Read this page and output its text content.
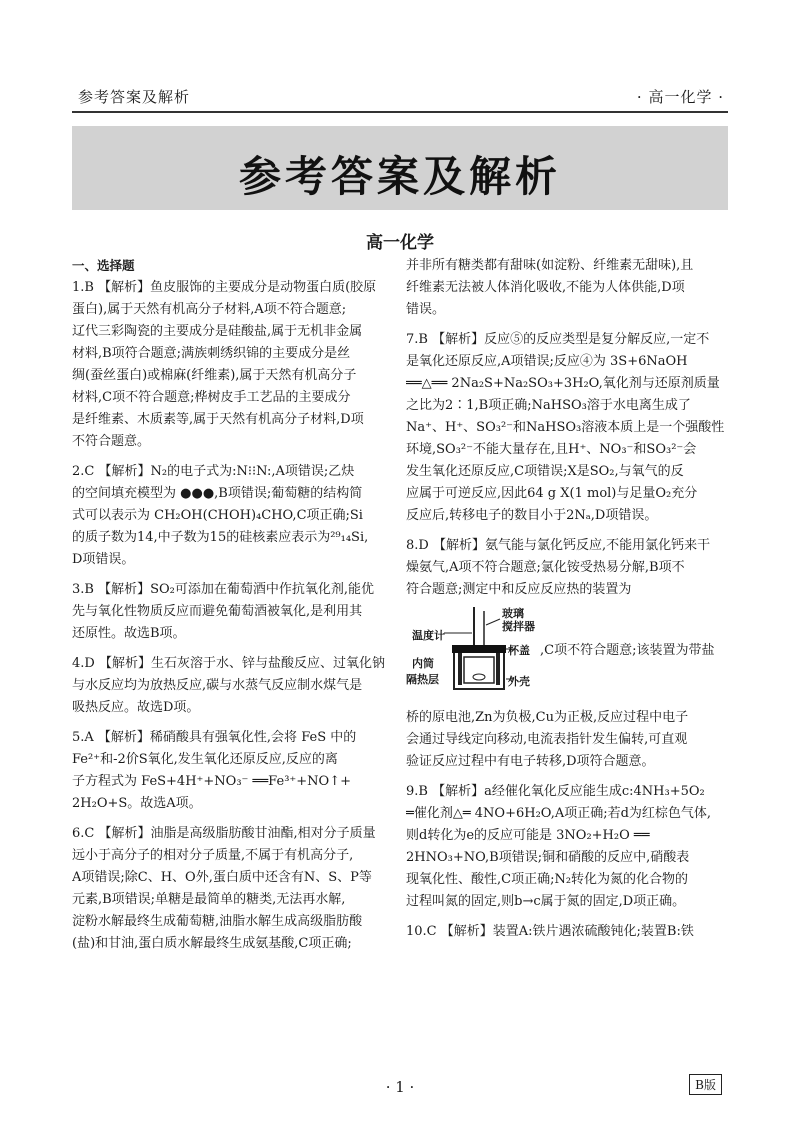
参考答案及解析	· 高一化学 ·
参考答案及解析
高一化学
一、选择题
1.B 【解析】鱼皮服饰的主要成分是动物蛋白质(胶原
蛋白),属于天然有机高分子材料,A项不符合题意;
辽代三彩陶瓷的主要成分是硅酸盐,属于无机非金属
材料,B项符合题意;满族刺绣织锦的主要成分是丝
绸(蚕丝蛋白)或棉麻(纤维素),属于天然有机高分子
材料,C项不符合题意;桦树皮手工艺品的主要成分
是纤维素、木质素等,属于天然有机高分子材料,D项
不符合题意。
2.C 【解析】N₂的电子式为:N⁝⁝N:,A项错误;乙炔
的空间填充模型为 ●●●,B项错误;葡萄糖的结构简
式可以表示为 CH₂OH(CHOH)₄CHO,C项正确;Si
的质子数为14,中子数为15的硅核素应表示为²⁹₁₄Si,
D项错误。
3.B 【解析】SO₂可添加在葡萄酒中作抗氧化剂,能优
先与氧化性物质反应而避免葡萄酒被氧化,是利用其
还原性。故选B项。
4.D 【解析】生石灰溶于水、锌与盐酸反应、过氧化钠
与水反应均为放热反应,碳与水蒸气反应制水煤气是
吸热反应。故选D项。
5.A 【解析】稀硝酸具有强氧化性,会将 FeS 中的
Fe²⁺和-2价S氧化,发生氧化还原反应,反应的离
子方程式为 FeS+4H⁺+NO₃⁻ ══Fe³⁺+NO↑+
2H₂O+S。故选A项。
6.C 【解析】油脂是高级脂肪酸甘油酯,相对分子质量
远小于高分子的相对分子质量,不属于有机高分子,
A项错误;除C、H、O外,蛋白质中还含有N、S、P等
元素,B项错误;单糖是最简单的糖类,无法再水解,
淀粉水解最终生成葡萄糖,油脂水解生成高级脂肪酸
(盐)和甘油,蛋白质水解最终生成氨基酸,C项正确;
并非所有糖类都有甜味(如淀粉、纤维素无甜味),且
纤维素无法被人体消化吸收,不能为人体供能,D项
错误。
7.B 【解析】反应⑤的反应类型是复分解反应,一定不
是氧化还原反应,A项错误;反应④为 3S+6NaOH
══△══ 2Na₂S+Na₂SO₃+3H₂O,氧化剂与还原剂质量
之比为2∶1,B项正确;NaHSO₃溶于水电离生成了
Na⁺、H⁺、SO₃²⁻和NaHSO₃溶液本质上是一个强酸性
环境,SO₃²⁻不能大量存在,且H⁺、NO₃⁻和SO₃²⁻会
发生氧化还原反应,C项错误;X是SO₂,与氧气的反
应属于可逆反应,因此64 g X(1 mol)与足量O₂充分
反应后,转移电子的数目小于2Nₐ,D项错误。
8.D 【解析】氨气能与氯化钙反应,不能用氯化钙来干
燥氨气,A项不符合题意;氯化铵受热易分解,B项不
符合题意;测定中和反应反应热的装置为
温度计
玻璃
搅拌器
内筒
隔热层
杯盖
外壳
,C项不符合题意;该装置为带盐
桥的原电池,Zn为负极,Cu为正极,反应过程中电子
会通过导线定向移动,电流表指针发生偏转,可直观
验证反应过程中有电子转移,D项符合题意。
9.B 【解析】a经催化氧化反应能生成c:4NH₃+5O₂
═催化剂△═ 4NO+6H₂O,A项正确;若d为红棕色气体,
则d转化为e的反应可能是 3NO₂+H₂O ══
2HNO₃+NO,B项错误;铜和硝酸的反应中,硝酸表
现氧化性、酸性,C项正确;N₂转化为氮的化合物的
过程叫氮的固定,则b→c属于氮的固定,D项正确。
10.C 【解析】装置A:铁片遇浓硫酸钝化;装置B:铁
· 1 ·	B版
